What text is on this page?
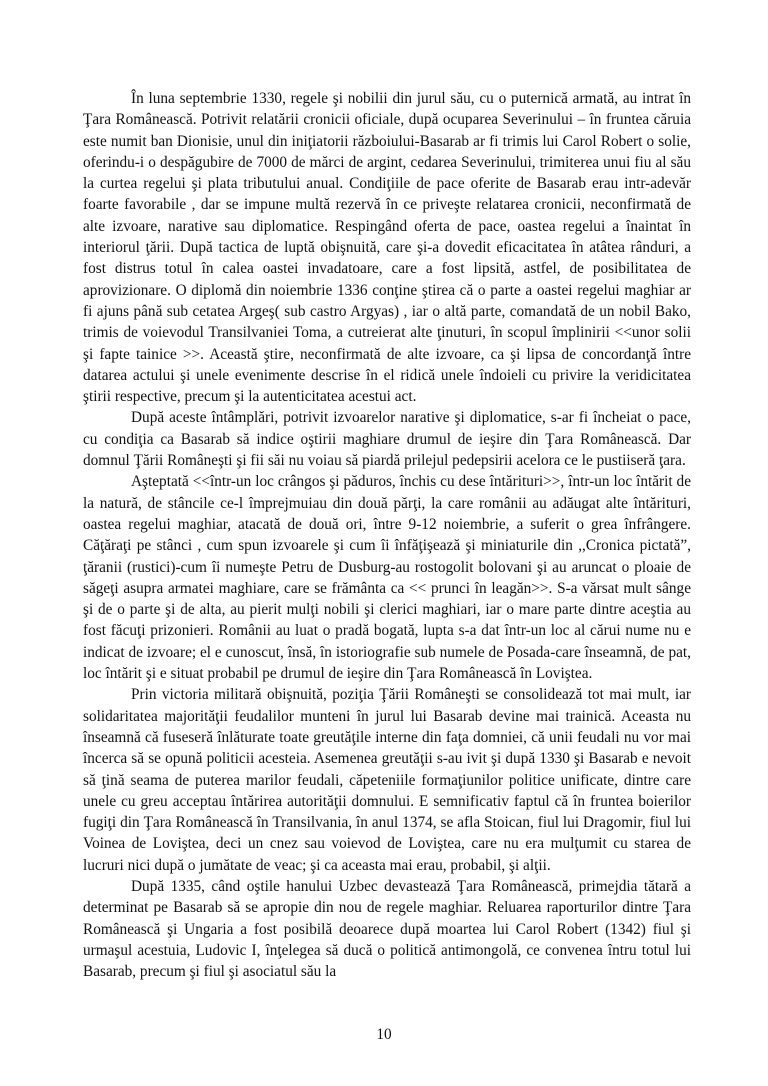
În luna septembrie 1330, regele şi nobilii din jurul său, cu o puternică armată, au intrat în Ţara Românească. Potrivit relatării cronicii oficiale, după ocuparea Severinului – în fruntea căruia este numit ban Dionisie, unul din iniţiatorii războiului-Basarab ar fi trimis lui Carol Robert o solie, oferindu-i o despăgubire de 7000 de mărci de argint, cedarea Severinului, trimiterea unui fiu al său la curtea regelui şi plata tributului anual. Condiţiile de pace oferite de Basarab erau intr-adevăr foarte favorabile , dar se impune multă rezervă în ce priveşte relatarea cronicii, neconfirmată de alte izvoare, narative sau diplomatice. Respingând oferta de pace, oastea regelui a înaintat în interiorul ţării. După tactica de luptă obişnuită, care şi-a dovedit eficacitatea în atâtea rânduri, a fost distrus totul în calea oastei invadatoare, care a fost lipsită, astfel, de posibilitatea de aprovizionare. O diplomă din noiembrie 1336 conţine ştirea că o parte a oastei regelui maghiar ar fi ajuns până sub cetatea Argeş( sub castro Argyas) , iar o altă parte, comandată de un nobil Bako, trimis de voievodul Transilvaniei Toma, a cutreierat alte ţinuturi, în scopul împlinirii <<unor solii şi fapte tainice >>. Această ştire, neconfirmată de alte izvoare, ca şi lipsa de concordanţă între datarea actului şi unele evenimente descrise în el ridică unele îndoieli cu privire la veridicitatea ştirii respective, precum şi la autenticitatea acestui act.

După aceste întâmplări, potrivit izvoarelor narative şi diplomatice, s-ar fi încheiat o pace, cu condiţia ca Basarab să indice oştirii maghiare drumul de ieşire din Ţara Românească. Dar domnul Ţării Româneşti şi fii săi nu voiau să piardă prilejul pedepsirii acelora ce le pustiiseră ţara.

Aşteptată <<într-un loc crângos şi păduros, închis cu dese întărituri>>, într-un loc întărit de la natură, de stâncile ce-l împrejmuiau din două părţi, la care românii au adăugat alte întărituri, oastea regelui maghiar, atacată de două ori, între 9-12 noiembrie, a suferit o grea înfrângere. Căţăraţi pe stânci , cum spun izvoarele şi cum îi înfăţişează şi miniaturile din ,,Cronica pictată”, ţăranii (rustici)-cum îi numeşte Petru de Dusburg-au rostogolit bolovani şi au aruncat o ploaie de săgeţi asupra armatei maghiare, care se frământa ca << prunci în leagăn>>. S-a vărsat mult sânge şi de o parte şi de alta, au pierit mulţi nobili şi clerici maghiari, iar o mare parte dintre aceştia au fost făcuţi prizonieri. Românii au luat o pradă bogată, lupta s-a dat într-un loc al cărui nume nu e indicat de izvoare; el e cunoscut, însă, în istoriografie sub numele de Posada-care înseamnă, de pat, loc întărit şi e situat probabil pe drumul de ieşire din Ţara Românească în Loviştea.

Prin victoria militară obişnuită, poziţia Ţării Româneşti se consolidează tot mai mult, iar solidaritatea majorităţii feudalilor munteni în jurul lui Basarab devine mai trainică. Aceasta nu înseamnă că fuseseră înlăturate toate greutăţile interne din faţa domniei, că unii feudali nu vor mai încerca să se opună politicii acesteia. Asemenea greutăţii s-au ivit şi după 1330 şi Basarab e nevoit să ţină seama de puterea marilor feudali, căpeteniile formaţiunilor politice unificate, dintre care unele cu greu acceptau întărirea autorităţii domnului. E semnificativ faptul că în fruntea boierilor fugiţi din Ţara Românească în Transilvania, în anul 1374, se afla Stoican, fiul lui Dragomir, fiul lui Voinea de Loviştea, deci un cnez sau voievod de Loviştea, care nu era mulţumit cu starea de lucruri nici după o jumătate de veac; şi ca aceasta mai erau, probabil, şi alţii.

După 1335, când oştile hanului Uzbec devastează Ţara Românească, primejdia tătară a determinat pe Basarab să se apropie din nou de regele maghiar. Reluarea raporturilor dintre Ţara Românească şi Ungaria a fost posibilă deoarece după moartea lui Carol Robert (1342) fiul şi urmaşul acestuia, Ludovic I, înţelegea să ducă o politică antimongolă, ce convenea întru totul lui Basarab, precum şi fiul şi asociatul său la

10
